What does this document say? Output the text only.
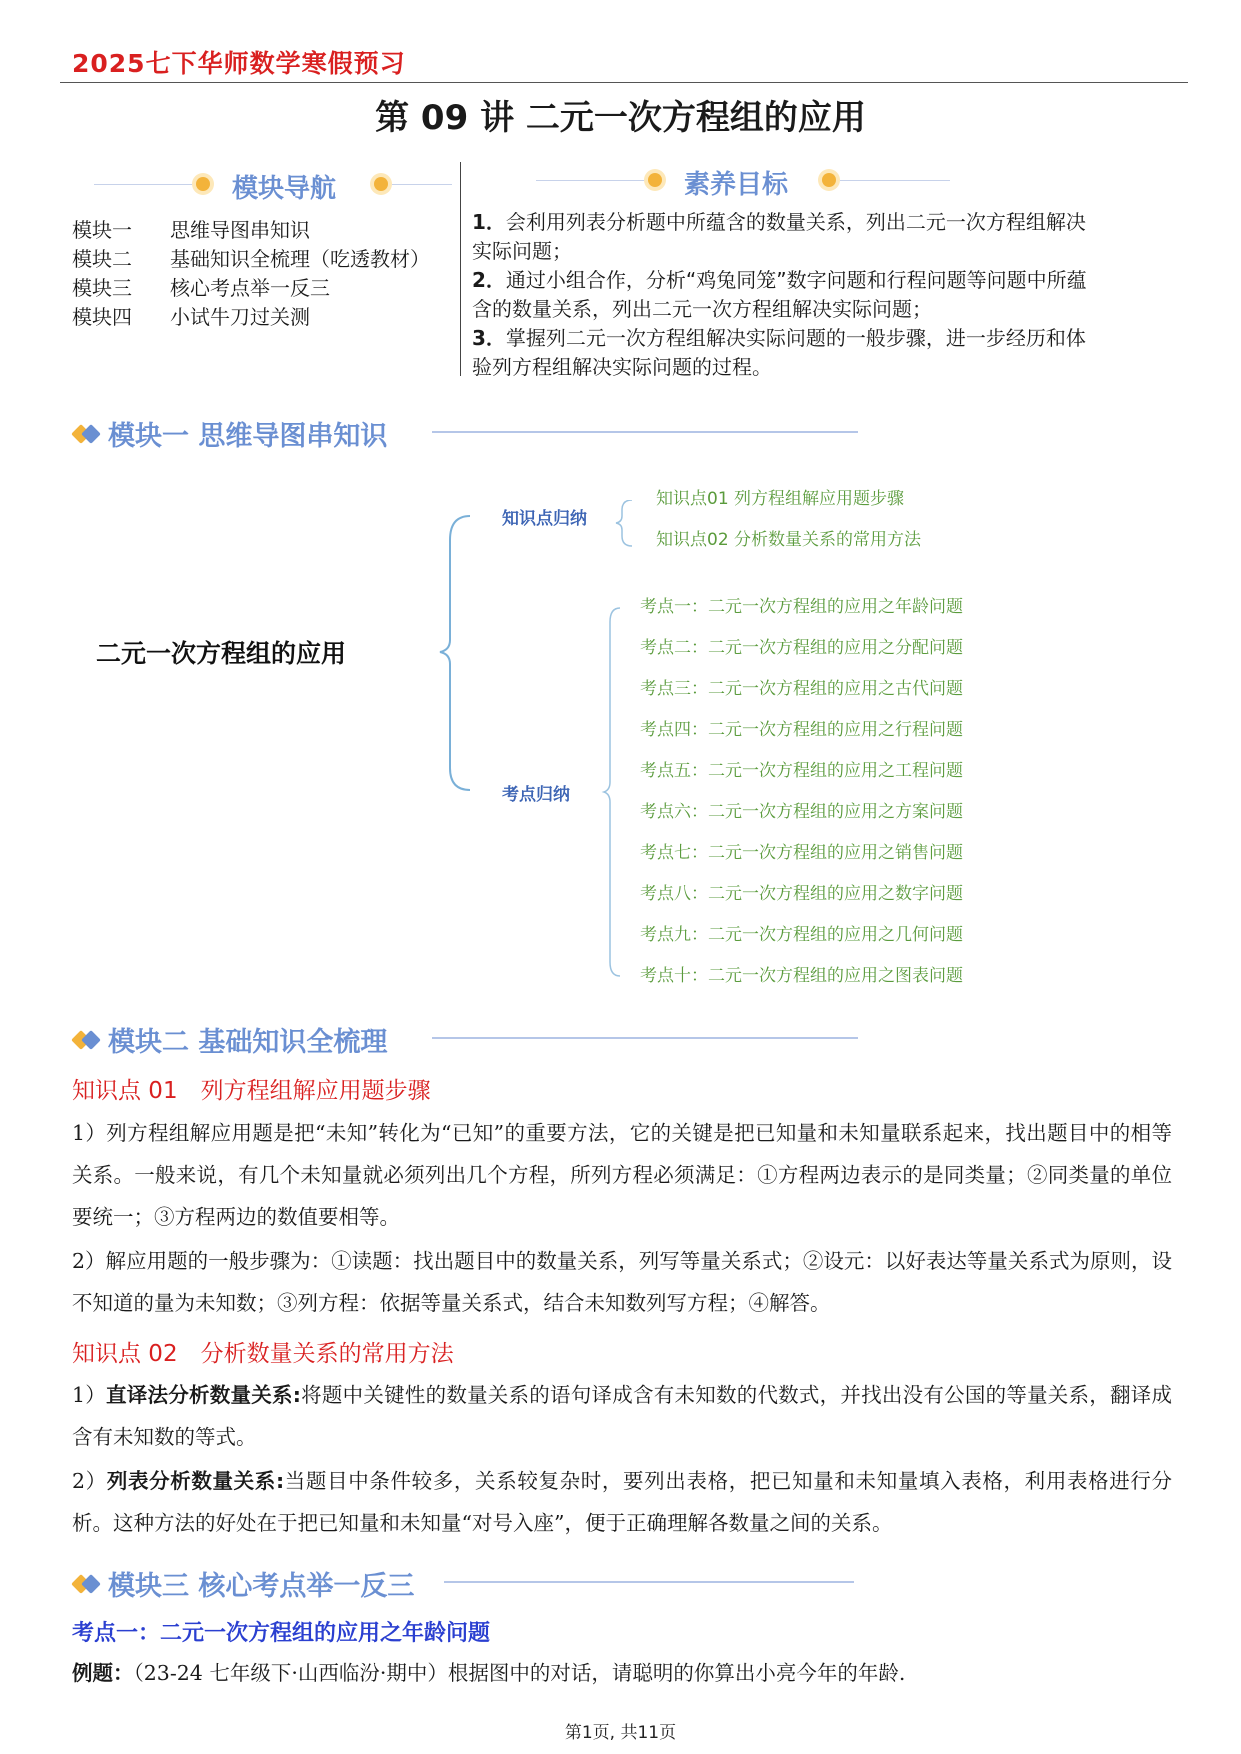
2025七下华师数学寒假预习
第 09 讲 二元一次方程组的应用
模块导航
模块一 思维导图串知识
模块二 基础知识全梳理（吃透教材）
模块三 核心考点举一反三
模块四 小试牛刀过关测
素养目标

1．会利用列表分析题中所蕴含的数量关系，列出二元一次方程组解决实际问题；

2．通过小组合作，分析“鸡兔同笼”数字问题和行程问题等问题中所蕴含的数量关系，列出二元一次方程组解决实际问题；

3．掌握列二元一次方程组解决实际问题的一般步骤，进一步经历和体验列方程组解决实际问题的过程。

模块一 思维导图串知识
二元一次方程组的应用
知识点归纳
考点归纳
知识点01 列方程组解应用题步骤
知识点02 分析数量关系的常用方法
考点一：二元一次方程组的应用之年龄问题
考点二：二元一次方程组的应用之分配问题
考点三：二元一次方程组的应用之古代问题
考点四：二元一次方程组的应用之行程问题
考点五：二元一次方程组的应用之工程问题
考点六：二元一次方程组的应用之方案问题
考点七：二元一次方程组的应用之销售问题
考点八：二元一次方程组的应用之数字问题
考点九：二元一次方程组的应用之几何问题
考点十：二元一次方程组的应用之图表问题
模块二 基础知识全梳理
知识点 01　列方程组解应用题步骤
1）列方程组解应用题是把“未知”转化为“已知”的重要方法，它的关键是把已知量和未知量联系起来，找出题目中的相等关系。一般来说，有几个未知量就必须列出几个方程，所列方程必须满足：①方程两边表示的是同类量；②同类量的单位要统一；③方程两边的数值要相等。
2）解应用题的一般步骤为：①读题：找出题目中的数量关系，列写等量关系式；②设元：以好表达等量关系式为原则，设不知道的量为未知数；③列方程：依据等量关系式，结合未知数列写方程；④解答。
知识点 02　分析数量关系的常用方法
1）直译法分析数量关系:将题中关键性的数量关系的语句译成含有未知数的代数式，并找出没有公国的等量关系，翻译成含有未知数的等式。
2）列表分析数量关系:当题目中条件较多，关系较复杂时，要列出表格，把已知量和未知量填入表格，利用表格进行分析。这种方法的好处在于把已知量和未知量“对号入座”，便于正确理解各数量之间的关系。
模块三 核心考点举一反三
考点一：二元一次方程组的应用之年龄问题
例题：（23-24 七年级下·山西临汾·期中）根据图中的对话，请聪明的你算出小亮今年的年龄.
第1页, 共11页
